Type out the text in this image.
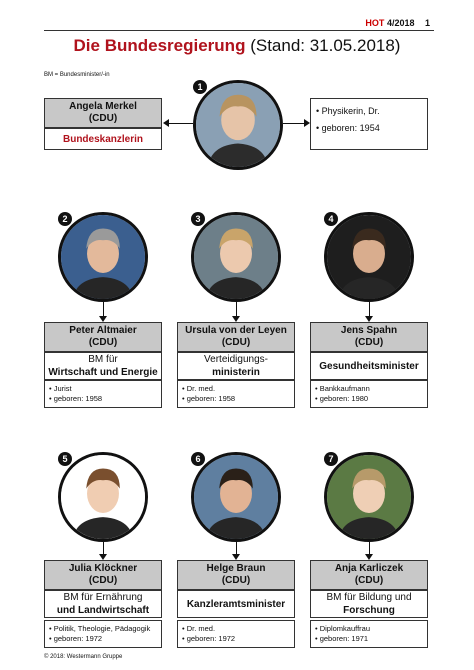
HOT 4/2018 1
Die Bundesregierung (Stand: 31.05.2018)
BM = Bundesminister/-in
Angela Merkel
(CDU)
Bundeskanzlerin
1
• Physikerin, Dr.
• geboren: 1954
2
Peter Altmaier
(CDU)
BM für
Wirtschaft und Energie
• Jurist
• geboren: 1958
3
Ursula von der Leyen
(CDU)
Verteidigungs-
ministerin
• Dr. med.
• geboren: 1958
4
Jens Spahn
(CDU)
Gesundheitsminister
• Bankkaufmann
• geboren: 1980
5
Julia Klöckner
(CDU)
BM für Ernährung
und Landwirtschaft
• Politik, Theologie, Pädagogik
• geboren: 1972
6
Helge Braun
(CDU)
Kanzleramtsminister
• Dr. med.
• geboren: 1972
7
Anja Karliczek
(CDU)
BM für Bildung und
Forschung
• Diplomkauffrau
• geboren: 1971
© 2018: Westermann Gruppe
